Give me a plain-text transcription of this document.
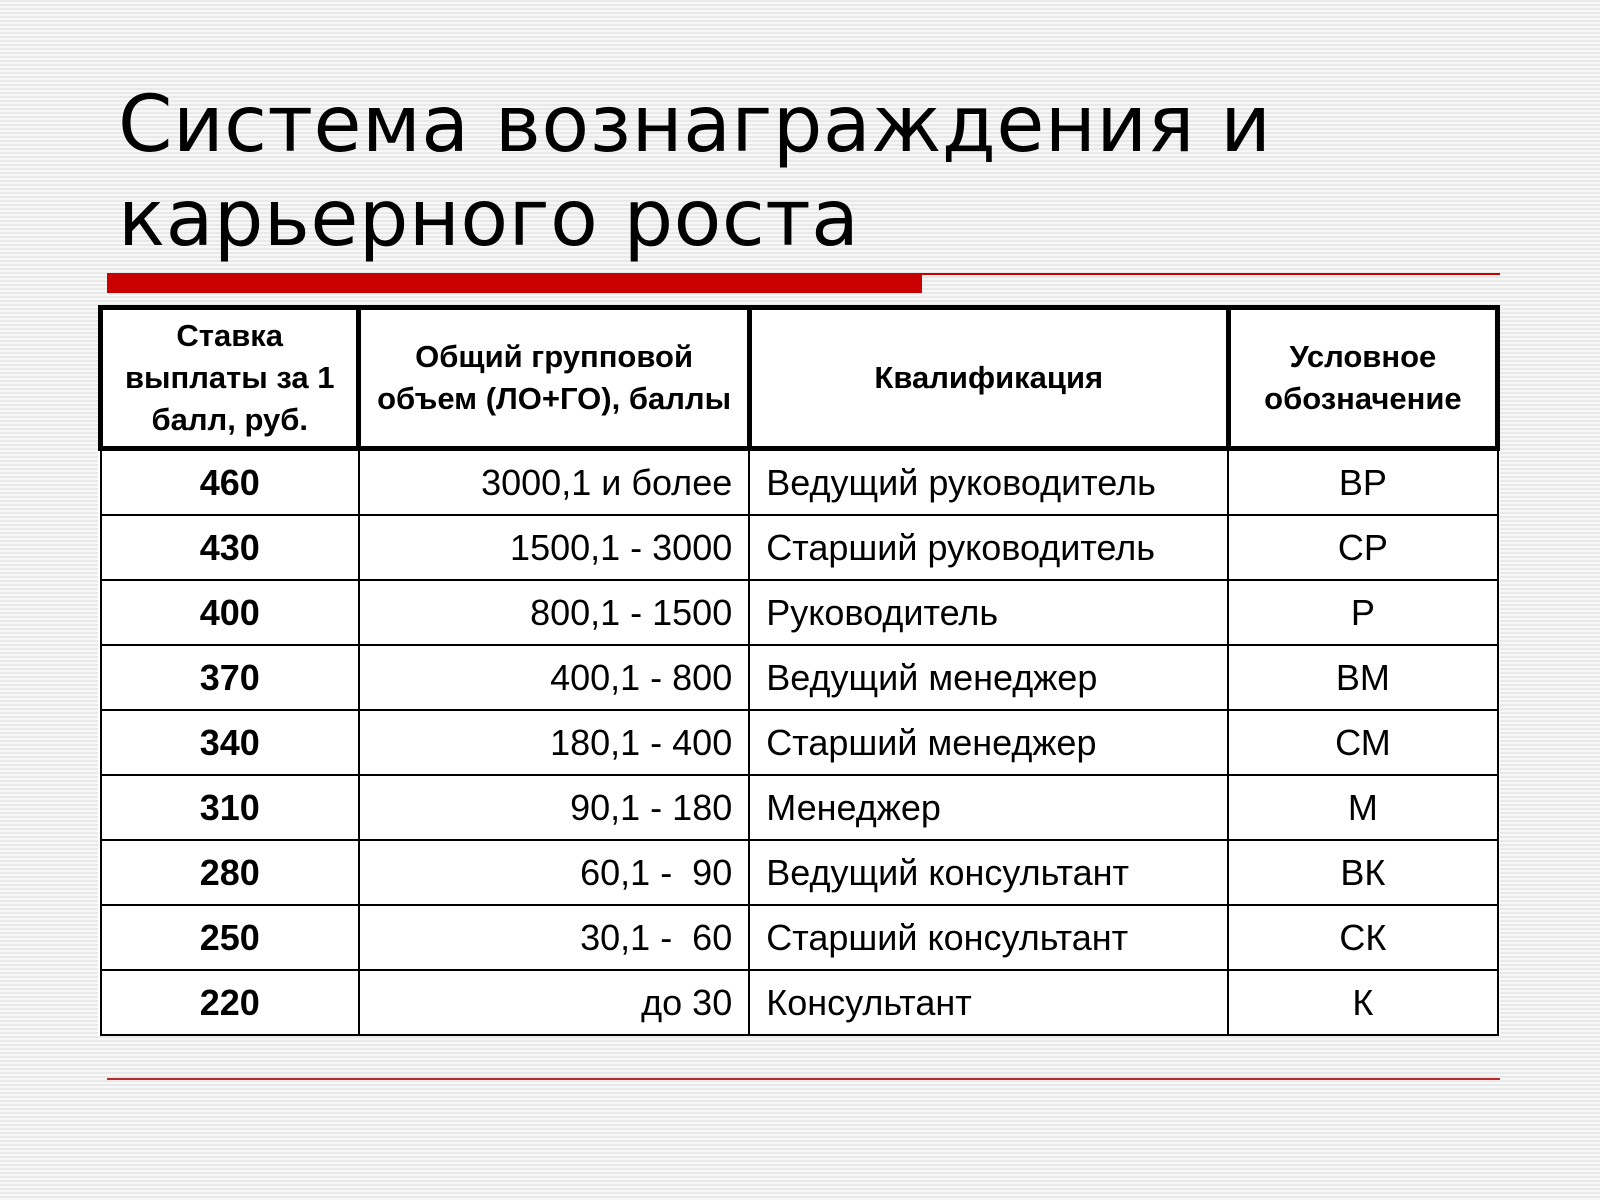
Система вознаграждения и
карьерного роста
Ставка выплаты за 1 балл, руб.	Общий групповой объем (ЛО+ГО), баллы	Квалификация	Условное обозначение
460	3000,1 и более	Ведущий руководитель	ВР
430	1500,1 - 3000	Старший руководитель	СР
400	800,1 - 1500	Руководитель	Р
370	400,1 - 800	Ведущий менеджер	ВМ
340	180,1 - 400	Старший менеджер	СМ
310	90,1 - 180	Менеджер	М
280	60,1 -  90	Ведущий консультант	ВК
250	30,1 -  60	Старший консультант	СК
220	до 30	Консультант	К
